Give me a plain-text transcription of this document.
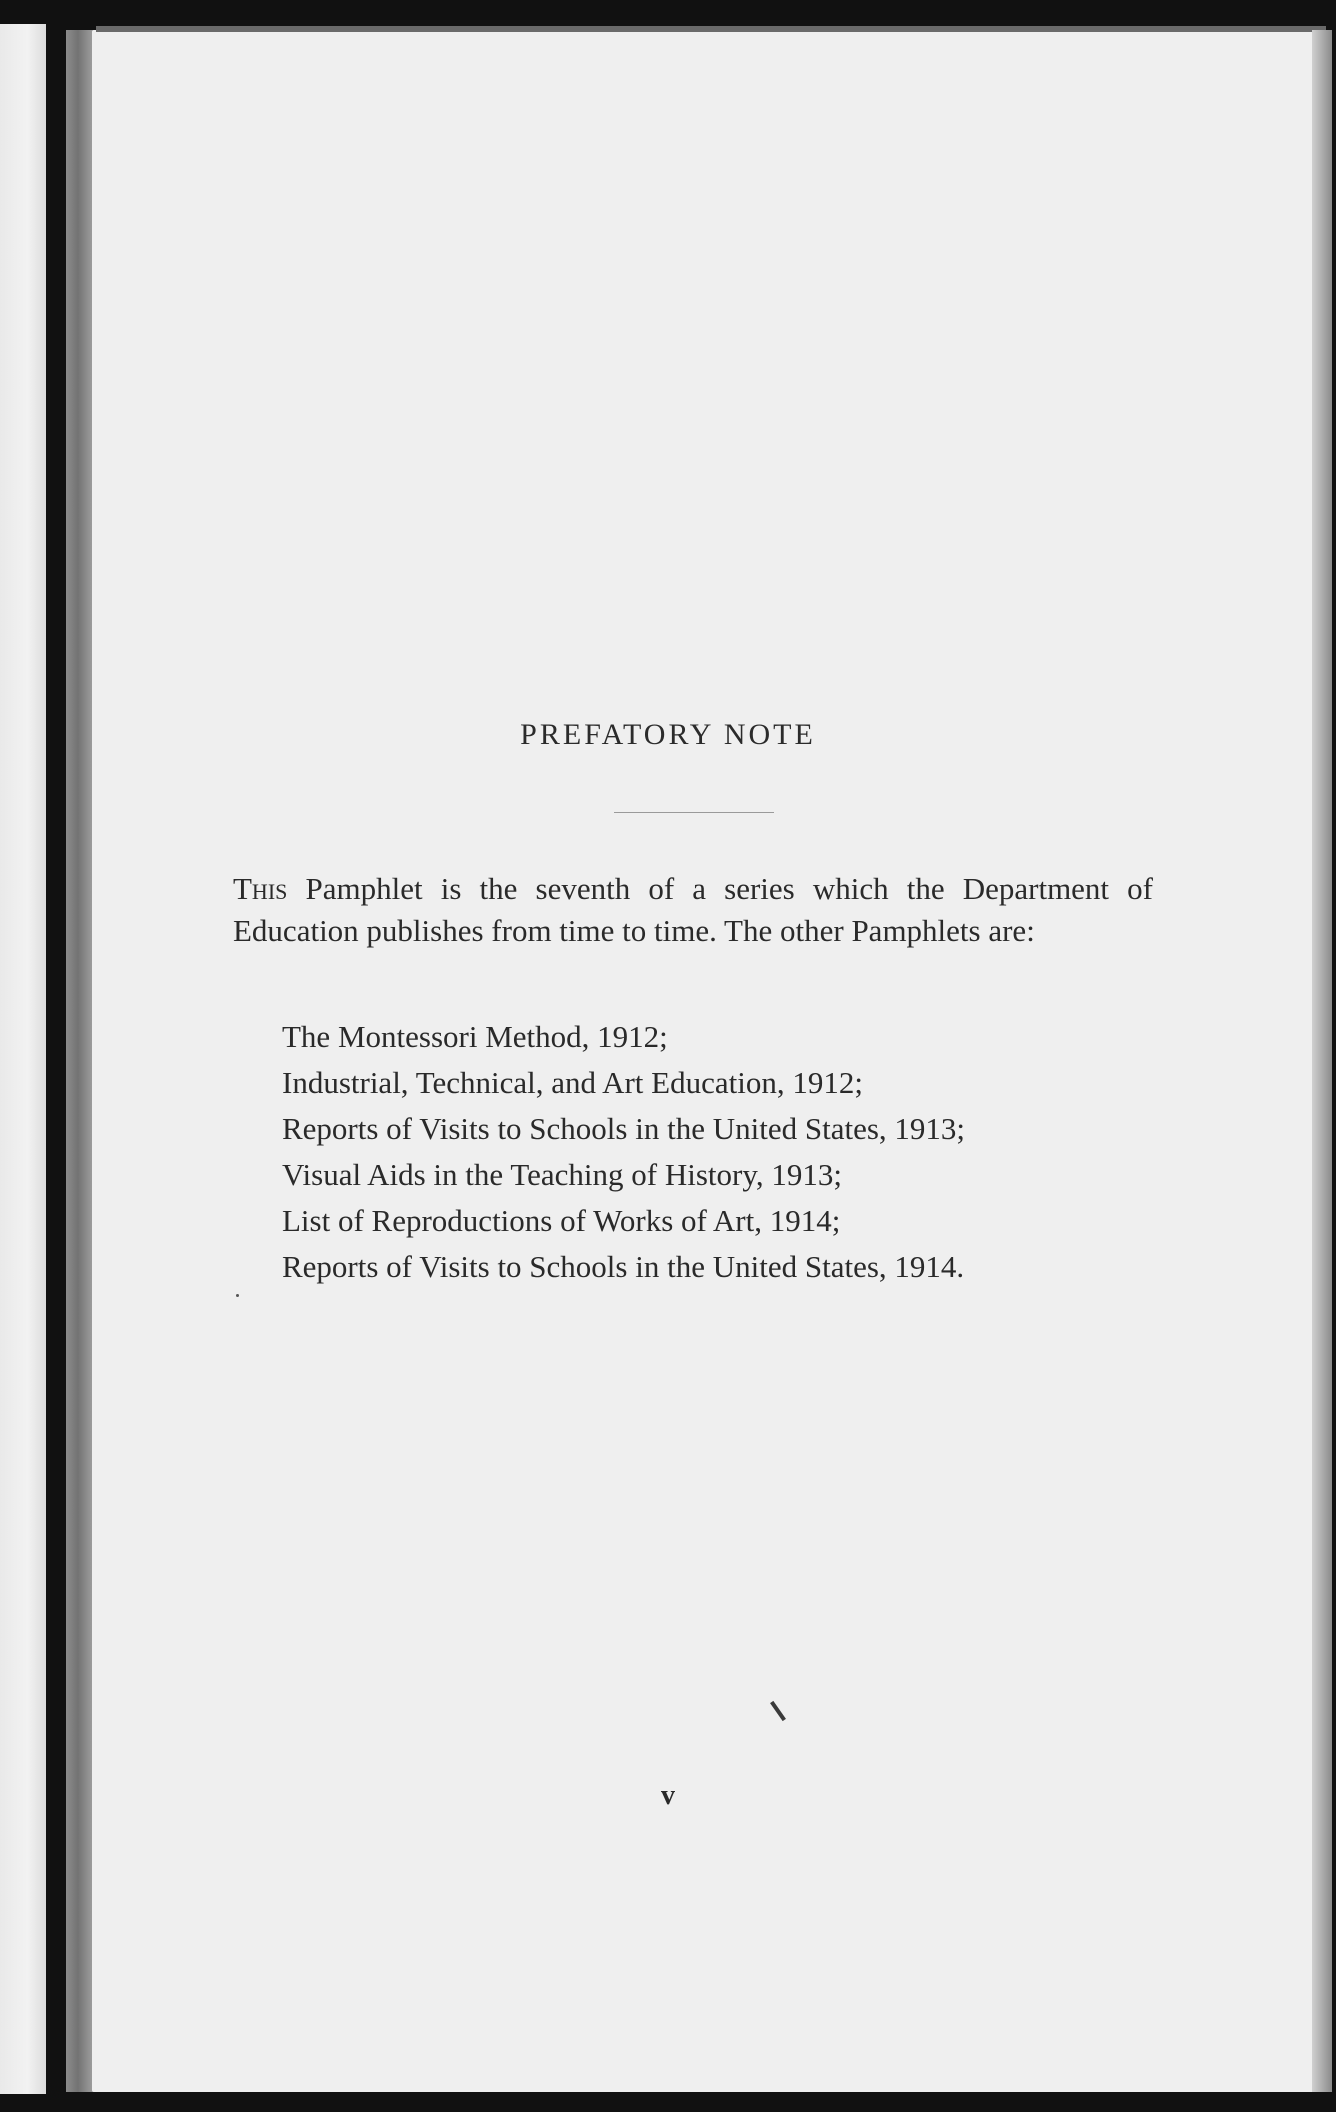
PREFATORY NOTE

This Pamphlet is the seventh of a series which the Department of Education publishes from time to time. The other Pamphlets are:

The Montessori Method, 1912;
Industrial, Technical, and Art Education, 1912;
Reports of Visits to Schools in the United States, 1913;
Visual Aids in the Teaching of History, 1913;
List of Reproductions of Works of Art, 1914;
Reports of Visits to Schools in the United States, 1914.
v
